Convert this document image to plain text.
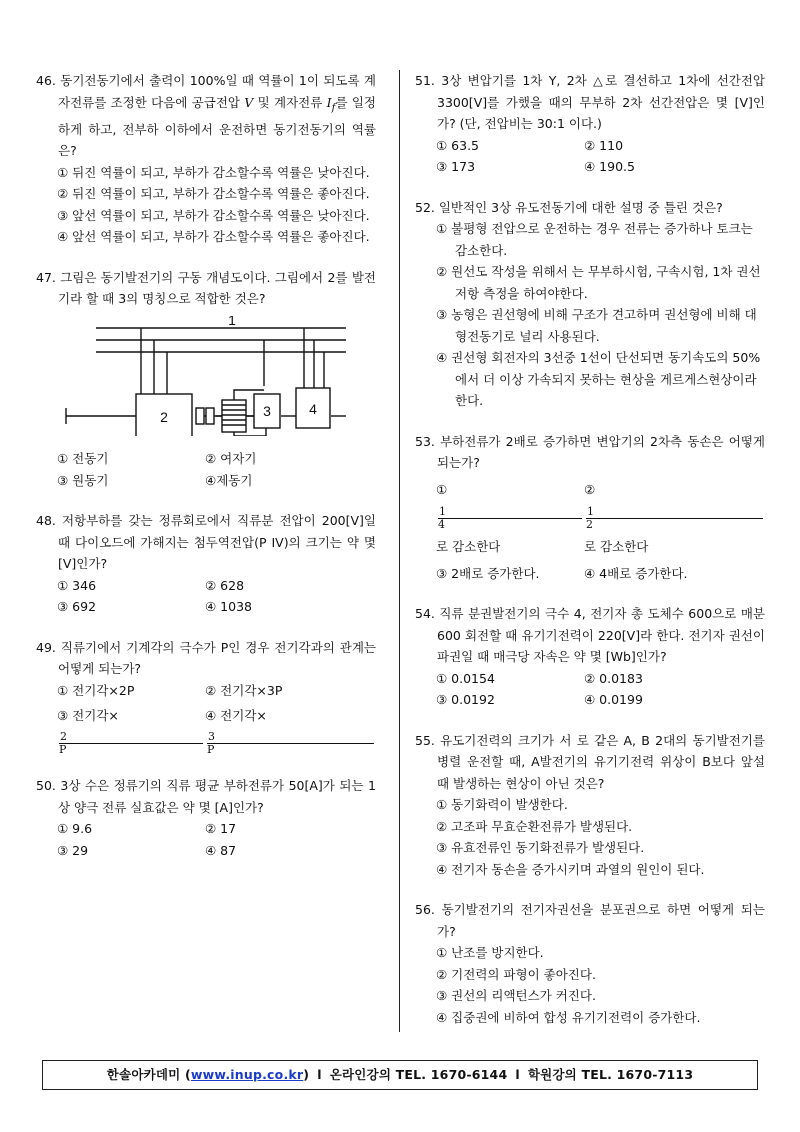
46. 동기전동기에서 출력이 100%일 때 역률이 1이 되도록 계자전류를 조정한 다음에 공급전압 V 및 계자전류 $I_f$를 일정하게 하고, 전부하 이하에서 운전하면 동기전동기의 역률은?
① 뒤진 역률이 되고, 부하가 감소할수록 역률은 낮아진다.
② 뒤진 역률이 되고, 부하가 감소할수록 역률은 좋아진다.
③ 앞선 역률이 되고, 부하가 감소할수록 역률은 낮아진다.
④ 앞선 역률이 되고, 부하가 감소할수록 역률은 좋아진다.
47. 그림은 동기발전기의 구동 개념도이다. 그림에서 2를 발전기라 할 때 3의 명칭으로 적합한 것은?
1
2	3	4
① 전동기	② 여자기
③ 원동기	④제동기
48. 저항부하를 갖는 정류회로에서 직류분 전압이 200[V]일 때 다이오드에 가해지는 첨두역전압(P IV)의 크기는 약 몇 [V]인가?
① 346	② 628
③ 692	④ 1038
49. 직류기에서 기계각의 극수가 P인 경우 전기각과의 관계는 어떻게 되는가?
① 전기각×2P	② 전기각×3P
③ 전기각×
2
P
④ 전기각×
3
P
50. 3상 수은 정류기의 직류 평균 부하전류가 50[A]가 되는 1상 양극 전류 실효값은 약 몇 [A]인가?
① 9.6	② 17
③ 29	④ 87
51. 3상 변압기를 1차 Y, 2차 △로 결선하고 1차에 선간전압 3300[V]를 가했을 때의 무부하 2차 선간전압은 몇 [V]인가? (단, 전압비는 30:1 이다.)
① 63.5	② 110
③ 173	④ 190.5
52. 일반적인 3상 유도전동기에 대한 설명 중 틀린 것은?
① 불평형 전압으로 운전하는 경우 전류는 증가하나 토크는 감소한다.
② 원선도 작성을 위해서 는 무부하시험, 구속시험, 1차 권선저항 측정을 하여야한다.
③ 농형은 권선형에 비해 구조가 견고하며 권선형에 비해 대형전동기로 널리 사용된다.
④ 권선형 회전자의 3선중 1선이 단선되면 동기속도의 50%에서 더 이상 가속되지 못하는 현상을 게르게스현상이라 한다.
53. 부하전류가 2배로 증가하면 변압기의 2차측 동손은 어떻게 되는가?
①
1
4
로 감소한다
②
1
2
로 감소한다
③ 2배로 증가한다.	④ 4배로 증가한다.
54. 직류 분권발전기의 극수 4, 전기자 총 도체수 600으로 매분 600 회전할 때 유기기전력이 220[V]라 한다. 전기자 권선이 파권일 때 매극당 자속은 약 몇 [Wb]인가?
① 0.0154	② 0.0183
③ 0.0192	④ 0.0199
55. 유도기전력의 크기가 서 로 같은 A, B 2대의 동기발전기를 병렬 운전할 때, A발전기의 유기기전력 위상이 B보다 앞설 때 발생하는 현상이 아닌 것은?
① 동기화력이 발생한다.
② 고조파 무효순환전류가 발생된다.
③ 유효전류인 동기화전류가 발생된다.
④ 전기자 동손을 증가시키며 과열의 원인이 된다.
56. 동기발전기의 전기자권선을 분포권으로 하면 어떻게 되는가?
① 난조를 방지한다.
② 기전력의 파형이 좋아진다.
③ 권선의 리액턴스가 커진다.
④ 집중권에 비하여 합성 유기기전력이 증가한다.
한솔아카데미 ( www.inup.co.kr ) l 온라인강의 TEL. 1670-6144 l 학원강의 TEL. 1670-7113
